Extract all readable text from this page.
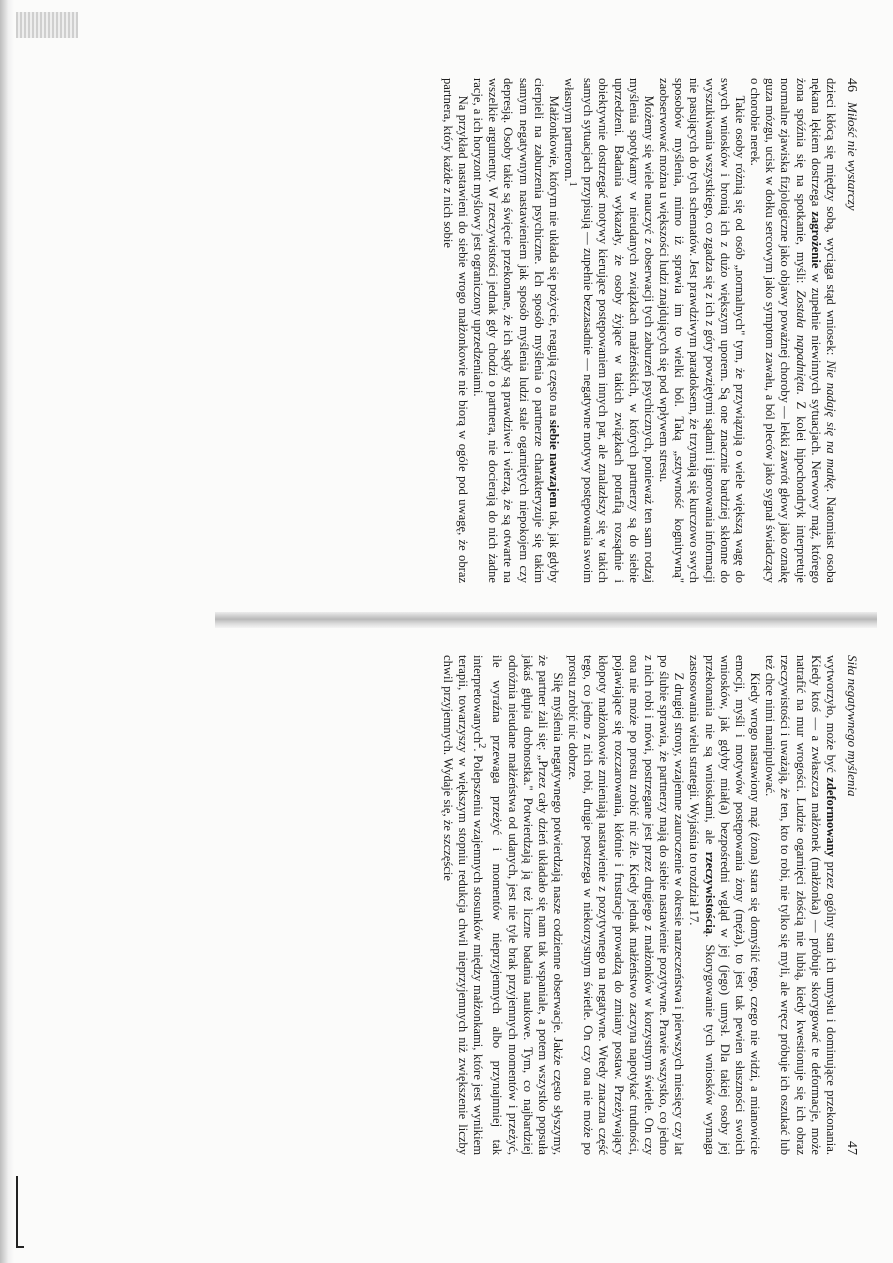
46
Miłość nie wystarczy

dzieci kłócą się między sobą, wyciąga stąd wniosek: Nie nadaję się na matkę. Natomiast osoba nękana lękiem dostrzega zagrożenie w zupełnie niewinnych sytuacjach. Nerwowy mąż, którego żona spóźnia się na spotkanie, myśli: Została napadnięta. Z kolei hipochondryk interpretuje normalne zjawiska fizjologiczne jako objawy poważnej choroby — lekki zawrót głowy jako oznakę guza mózgu, ucisk w dołku sercowym jako symptom zawału, a ból pleców jako sygnał świadczący o chorobie nerek.

Takie osoby różnią się od osób „normalnych" tym, że przywiązują o wiele większą wagę do swych wniosków i bronią ich z dużo większym uporem. Są one znacznie bardziej skłonne do wyszukiwania wszystkiego, co zgadza się z ich z góry powziętymi sądami i ignorowania informacji nie pasujących do tych schematów. Jest prawdziwym paradoksem, że trzymają się kurczowo swych sposobów myślenia, mimo iż sprawia im to wielki ból. Taką „sztywność kognitywną" zaobserwować można u większości ludzi znajdujących się pod wpływem stresu.

Możemy się wiele nauczyć z obserwacji tych zaburzeń psychicznych, ponieważ ten sam rodzaj myślenia spotykamy w nieudanych związkach małżeńskich, w których partnerzy są do siebie uprzedzeni. Badania wykazały, że osoby żyjące w takich związkach potrafią rozsądnie i obiektywnie dostrzegać motywy kierujące postępowaniem innych par, ale znalazłszy się w takich samych sytuacjach przypisują — zupełnie bezzasadnie — negatywne motywy postępowania swoim własnym partnerom.$^1$

Małżonkowie, którym nie układa się pożycie, reagują często na siebie nawzajem tak, jak gdyby cierpieli na zaburzenia psychiczne. Ich sposób myślenia o partnerze charakteryzuje się takim samym negatywnym nastawieniem jak sposób myślenia ludzi stale ogarniętych niepokojem czy depresją. Osoby takie są święcie przekonane, że ich sądy są prawdziwe i wierzą, że są otwarte na wszelkie argumenty. W rzeczywistości jednak gdy chodzi o partnera, nie docierają do nich żadne racje, a ich horyzont myślowy jest ograniczony uprzedzeniami.

Na przykład nastawieni do siebie wrogo małżonkowie nie biorą w ogóle pod uwagę, że obraz partnera, który każde z nich sobie

Siła negatywnego myślenia
47

wytworzyło, może być zdeformowany przez ogólny stan ich umysłu i dominujące przekonania. Kiedy ktoś — a zwłaszcza małżonek (małżonka) — próbuje skorygować te deformacje, może natrafić na mur wrogości. Ludzie ogarnięci złością nie lubią, kiedy kwestionuje się ich obraz rzeczywistości i uważają, że ten, kto to robi, nie tylko się myli, ale wręcz próbuje ich oszukać lub też chce nimi manipulować.

Kiedy wrogo nastawiony mąż (żona) stara się domyślić tego, czego nie widzi, a mianowicie emocji, myśli i motywów postępowania żony (męża), to jest tak pewien słuszności swoich wniosków, jak gdyby miał(a) bezpośredni wgląd w jej (jego) umysł. Dla takiej osoby jej przekonania nie są wnioskami, ale rzeczywistością. Skorygowanie tych wniosków wymaga zastosowania wielu strategii. Wyjaśnia to rozdział 17.

Z drugiej strony, wzajemne zauroczenie w okresie narzeczeństwa i pierwszych miesięcy czy lat po ślubie sprawia, że partnerzy mają do siebie nastawienie pozytywne. Prawie wszystko, co jedno z nich robi i mówi, postrzegane jest przez drugiego z małżonków w korzystnym świetle. On czy ona nie może po prostu zrobić nic źle. Kiedy jednak małżeństwo zaczyna napotykać trudności, pojawiające się rozczarowania, kłótnie i frustracje prowadzą do zmiany postaw. Przeżywający kłopoty małżonkowie zmieniają nastawienie z pozytywnego na negatywne. Wtedy znaczna część tego, co jedno z nich robi, drugie postrzega w niekorzystnym świetle. On czy ona nie może po prostu zrobić nic dobrze.

Siłę myślenia negatywnego potwierdzają nasze codzienne obserwacje. Jakże często słyszymy, że partner żali się: „Przez cały dzień układało się nam tak wspaniale, a potem wszystko popsuła jakaś głupia drobnostka." Potwierdzają ją też liczne badania naukowe. Tym, co najbardziej odróżnia nieudane małżeństwa od udanych, jest nie tyle brak przyjemnych momentów i przeżyć, ile wyraźna przewaga przeżyć i momentów nieprzyjemnych albo przynajmniej tak interpretowanych$^2$. Polepszeniu wzajemnych stosunków między małżonkami, które jest wynikiem terapii, towarzyszy w większym stopniu redukcja chwil nieprzyjemnych niż zwiększenie liczby chwil przyjemnych. Wydaje się, że szczęście
